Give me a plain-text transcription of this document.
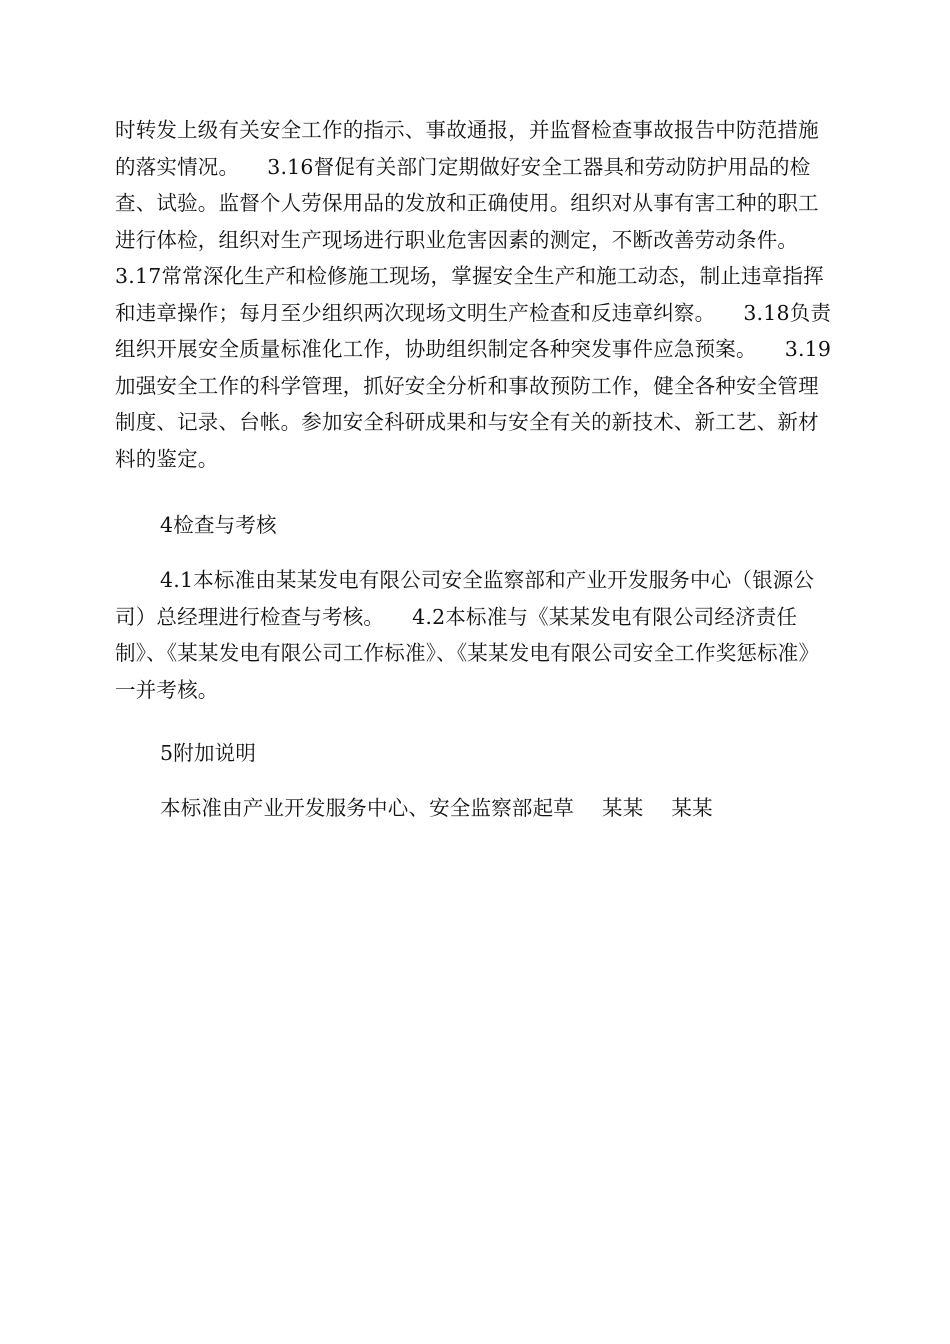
时转发上级有关安全工作的指示、事故通报，并监督检查事故报告中防范措施的落实情况。 3.16督促有关部门定期做好安全工器具和劳动防护用品的检查、试验。监督个人劳保用品的发放和正确使用。组织对从事有害工种的职工进行体检，组织对生产现场进行职业危害因素的测定，不断改善劳动条件。3.17常常深化生产和检修施工现场，掌握安全生产和施工动态，制止违章指挥和违章操作；每月至少组织两次现场文明生产检查和反违章纠察。 3.18负责组织开展安全质量标准化工作，协助组织制定各种突发事件应急预案。 3.19加强安全工作的科学管理，抓好安全分析和事故预防工作，健全各种安全管理制度、记录、台帐。参加安全科研成果和与安全有关的新技术、新工艺、新材料的鉴定。
4检查与考核
4.1本标准由某某发电有限公司安全监察部和产业开发服务中心（银源公司）总经理进行检查与考核。 4.2本标准与《某某发电有限公司经济责任制》、《某某发电有限公司工作标准》、《某某发电有限公司安全工作奖惩标准》一并考核。
5附加说明
本标准由产业开发服务中心、安全监察部起草 某某 某某
